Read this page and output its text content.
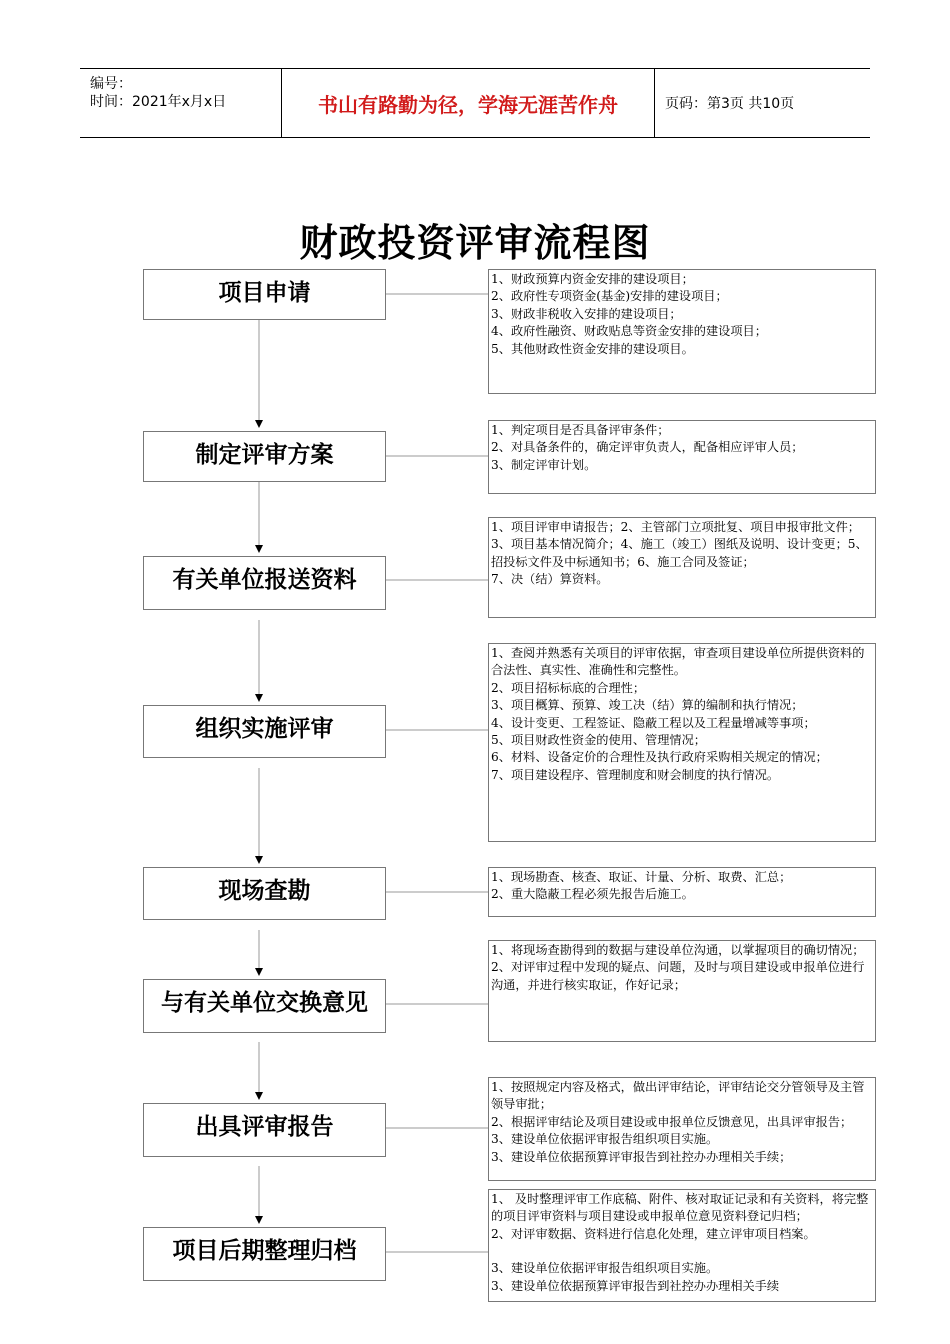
编号：
时间：2021年x月x日	书山有路勤为径，学海无涯苦作舟	页码：第3页 共10页
财政投资评审流程图
项目申请
制定评审方案
有关单位报送资料
组织实施评审
现场查勘
与有关单位交换意见
出具评审报告
项目后期整理归档
1、财政预算内资金安排的建设项目；
2、政府性专项资金(基金)安排的建设项目；
3、财政非税收入安排的建设项目；
4、政府性融资、财政贴息等资金安排的建设项目；
5、其他财政性资金安排的建设项目。
1、判定项目是否具备评审条件；
2、对具备条件的，确定评审负责人，配备相应评审人员；
3、制定评审计划。
1、项目评审申请报告；2、主管部门立项批复、项目申报审批文件；3、项目基本情况简介；4、施工（竣工）图纸及说明、设计变更；5、招投标文件及中标通知书；6、施工合同及签证；
7、决（结）算资料。
1、查阅并熟悉有关项目的评审依据，审查项目建设单位所提供资料的合法性、真实性、准确性和完整性。
2、项目招标标底的合理性；
3、项目概算、预算、竣工决（结）算的编制和执行情况；
4、设计变更、工程签证、隐蔽工程以及工程量增减等事项；
5、项目财政性资金的使用、管理情况；
6、材料、设备定价的合理性及执行政府采购相关规定的情况；
7、项目建设程序、管理制度和财会制度的执行情况。
1、现场勘查、核查、取证、计量、分析、取费、汇总；
2、重大隐蔽工程必须先报告后施工。
1、将现场查勘得到的数据与建设单位沟通，以掌握项目的确切情况；
2、对评审过程中发现的疑点、问题，及时与项目建设或申报单位进行沟通，并进行核实取证，作好记录；
1、按照规定内容及格式，做出评审结论，评审结论交分管领导及主管领导审批；
2、根据评审结论及项目建设或申报单位反馈意见，出具评审报告；
3、建设单位依据评审报告组织项目实施。
3、建设单位依据预算评审报告到社控办办理相关手续；
1、 及时整理评审工作底稿、附件、核对取证记录和有关资料，将完整的项目评审资料与项目建设或申报单位意见资料登记归档；
2、对评审数据、资料进行信息化处理，建立评审项目档案。
3、建设单位依据评审报告组织项目实施。
3、建设单位依据预算评审报告到社控办办理相关手续
